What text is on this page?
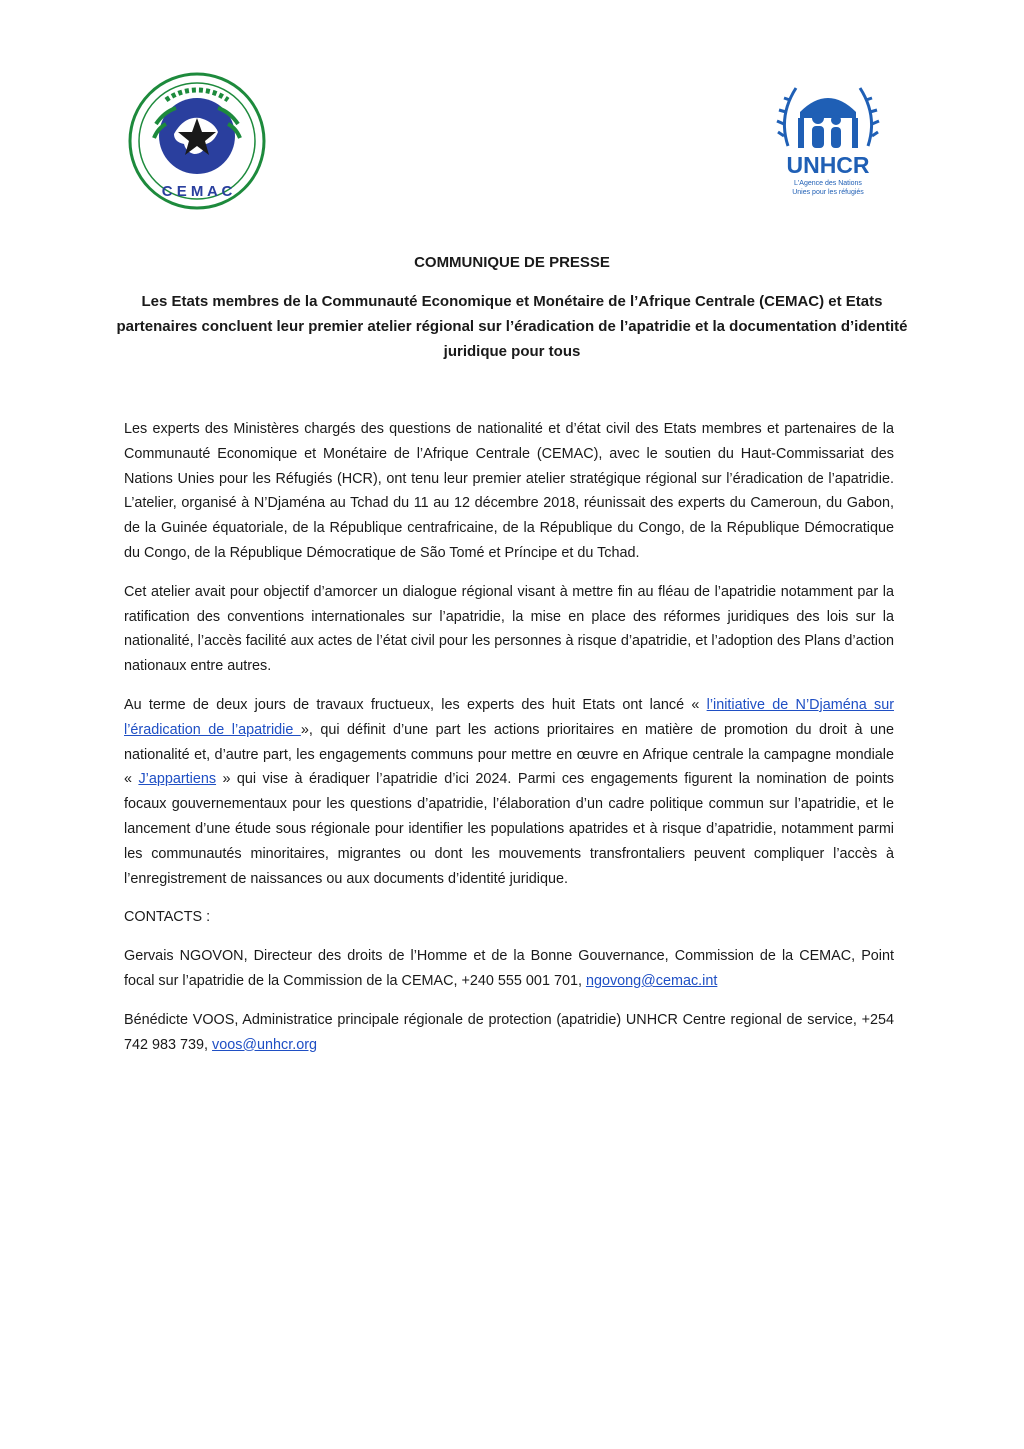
C E M A C
UNHCR
L'Agence des Nations
Unies pour les réfugiés
COMMUNIQUE DE PRESSE
Les Etats membres de la Communauté Economique et Monétaire de l’Afrique Centrale (CEMAC) et Etats partenaires concluent leur premier atelier régional sur l’éradication de l’apatridie et la documentation d’identité juridique pour tous

Les experts des Ministères chargés des questions de nationalité et d’état civil des Etats membres et partenaires de la Communauté Economique et Monétaire de l’Afrique Centrale (CEMAC), avec le soutien du Haut-Commissariat des Nations Unies pour les Réfugiés (HCR), ont tenu leur premier atelier stratégique régional sur l’éradication de l’apatridie. L’atelier, organisé à N’Djaména au Tchad du 11 au 12 décembre 2018, réunissait des experts du Cameroun, du Gabon, de la Guinée équatoriale, de la République centrafricaine, de la République du Congo, de la République Démocratique du Congo, de la République Démocratique de São Tomé et Príncipe et du Tchad.

Cet atelier avait pour objectif d’amorcer un dialogue régional visant à mettre fin au fléau de l’apatridie notamment par la ratification des conventions internationales sur l’apatridie, la mise en place des réformes juridiques des lois sur la nationalité, l’accès facilité aux actes de l’état civil pour les personnes à risque d’apatridie, et l’adoption des Plans d’action nationaux entre autres.

Au terme de deux jours de travaux fructueux, les experts des huit Etats ont lancé « l’initiative de N’Djaména sur l’éradication de l’apatridie », qui définit d’une part les actions prioritaires en matière de promotion du droit à une nationalité et, d’autre part, les engagements communs pour mettre en œuvre en Afrique centrale la campagne mondiale « J’appartiens » qui vise à éradiquer l’apatridie d’ici 2024. Parmi ces engagements figurent la nomination de points focaux gouvernementaux pour les questions d’apatridie, l’élaboration d’un cadre politique commun sur l’apatridie, et le lancement d’une étude sous régionale pour identifier les populations apatrides et à risque d’apatridie, notamment parmi les communautés minoritaires, migrantes ou dont les mouvements transfrontaliers peuvent compliquer l’accès à l’enregistrement de naissances ou aux documents d’identité juridique.

CONTACTS :

Gervais NGOVON, Directeur des droits de l’Homme et de la Bonne Gouvernance, Commission de la CEMAC, Point focal sur l’apatridie de la Commission de la CEMAC, +240 555 001 701, ngovong@cemac.int

Bénédicte VOOS, Administratice principale régionale de protection (apatridie) UNHCR Centre regional de service, +254 742 983 739, voos@unhcr.org
